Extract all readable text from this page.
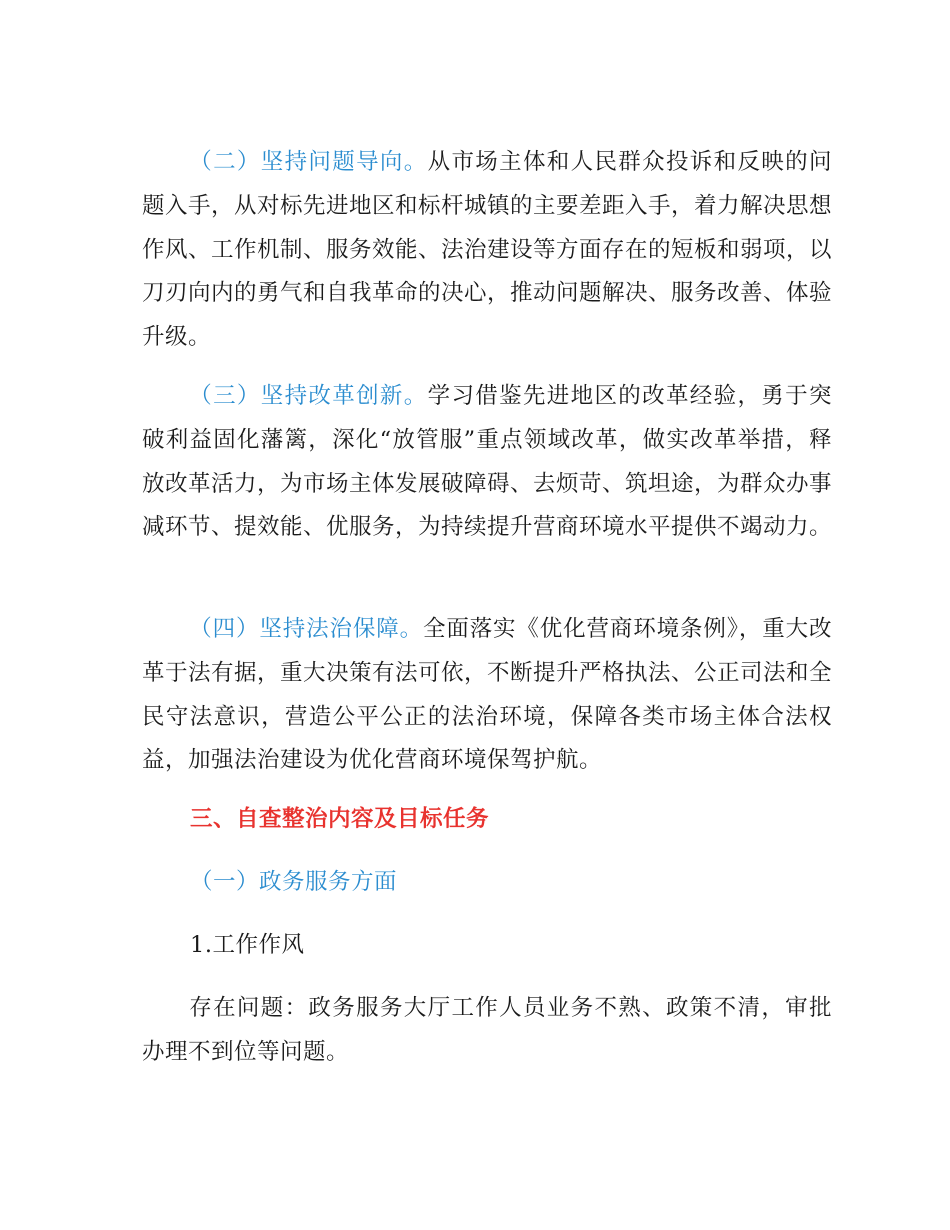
（二）坚持问题导向。从市场主体和人民群众投诉和反映的问题入手，从对标先进地区和标杆城镇的主要差距入手，着力解决思想作风、工作机制、服务效能、法治建设等方面存在的短板和弱项，以刀刃向内的勇气和自我革命的决心，推动问题解决、服务改善、体验升级。

（三）坚持改革创新。学习借鉴先进地区的改革经验，勇于突破利益固化藩篱，深化“放管服”重点领域改革，做实改革举措，释放改革活力，为市场主体发展破障碍、去烦苛、筑坦途，为群众办事减环节、提效能、优服务，为持续提升营商环境水平提供不竭动力。

（四）坚持法治保障。全面落实《优化营商环境条例》，重大改革于法有据，重大决策有法可依，不断提升严格执法、公正司法和全民守法意识，营造公平公正的法治环境，保障各类市场主体合法权益，加强法治建设为优化营商环境保驾护航。

三、自查整治内容及目标任务

（一）政务服务方面

1.工作作风

存在问题：政务服务大厅工作人员业务不熟、政策不清，审批办理不到位等问题。
